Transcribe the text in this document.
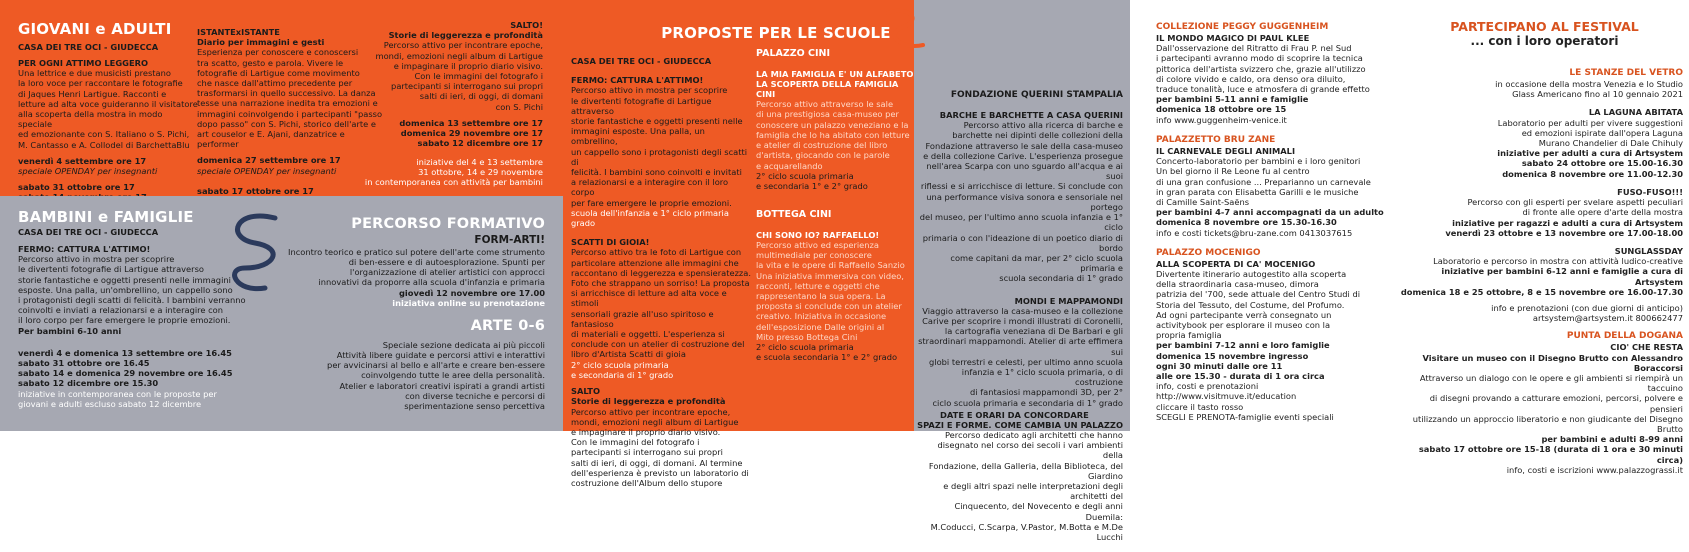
GIOVANI e ADULTI
CASA DEI TRE OCI - GIUDECCA
PER OGNI ATTIMO LEGGERO
Una lettrice e due musicisti prestano
la loro voce per raccontare le fotografie
di Jaques Henri Lartigue. Racconti e
letture ad alta voce guideranno il visitatore
alla scoperta della mostra in modo speciale
ed emozionante con S. Italiano o S. Pichi,
M. Cantasso e A. Collodel di BarchettaBlu
venerdì 4 settembre ore 17
speciale OPENDAY per insegnanti
sabato 31 ottobre ore 17

ISTANTExISTANTE
Diario per immagini e gesti
Esperienza per conoscere e conoscersi
tra scatto, gesto e parola. Vivere le
fotografie di Lartigue come movimento
che nasce dall'attimo precedente per
trasformarsi in quello successivo. La danza
tesse una narrazione inedita tra emozioni e
immagini coinvolgendo i partecipanti "passo
dopo passo" con S. Pichi, storico dell'arte e
art couselor e E. Ajani, danzatrice e
performer
domenica 27 settembre ore 17
speciale OPENDAY per insegnanti
sabato 17 ottobre ore 17
SALTO!
Storie di leggerezza e profondità
Percorso attivo per incontrare epoche,
mondi, emozioni negli album di Lartigue
e impaginare il proprio diario visivo.
Con le immagini del fotografo i
partecipanti si interrogano sui propri
salti di ieri, di oggi, di domani
con S. Pichi
domenica 13 settembre ore 17
domenica 29 novembre ore 17
sabato 12 dicembre ore 17
iniziative del 4 e 13 settembre
31 ottobre, 14 e 29 novembre
in contemporanea con attività per bambini
BAMBINI e FAMIGLIE
CASA DEI TRE OCI - GIUDECCA
FERMO: CATTURA L'ATTIMO!
Percorso attivo in mostra per scoprire
le divertenti fotografie di Lartigue attraverso
storie fantastiche e oggetti presenti nelle immagini
esposte. Una palla, un'ombrellino, un cappello sono
i protagonisti degli scatti di felicità. I bambini verranno
coinvolti e inviati a relazionarsi e a interagire con
il loro corpo per fare emergere le proprie emozioni.
Per bambini 6-10 anni
venerdì 4 e domenica 13 settembre ore 16.45
sabato 31 ottobre ore 16.45
sabato 14 e domenica 29 novembre ore 16.45
sabato 12 dicembre ore 15.30
iniziative in contemporanea con le proposte per
giovani e adulti escluso sabato 12 dicembre
PERCORSO FORMATIVO
FORM-ARTI!
Incontro teorico e pratico sul potere dell'arte come strumento
di ben-essere e di autoesplorazione. Spunti per
l'organizzazione di atelier artistici con approcci
innovativi da proporre alla scuola d'infanzia e primaria
giovedì 12 novembre ore 17.00
iniziativa online su prenotazione
ARTE 0-6
Speciale sezione dedicata ai più piccoli
Attività libere guidate e percorsi attivi e interattivi
per avvicinarsi al bello e all'arte e creare ben-essere
coinvolgendo tutte le aree della personalità.
Atelier e laboratori creativi ispirati a grandi artisti
con diverse tecniche e percorsi di
sperimentazione senso percettiva
PROPOSTE PER LE SCUOLE
CASA DEI TRE OCI - GIUDECCA
FERMO: CATTURA L'ATTIMO!
Percorso attivo in mostra per scoprire
le divertenti fotografie di Lartigue attraverso
storie fantastiche e oggetti presenti nelle
immagini esposte. Una palla, un ombrellino,
un cappello sono i protagonisti degli scatti di
felicità. I bambini sono coinvolti e invitati
a relazionarsi e a interagire con il loro corpo
per fare emergere le proprie emozioni.
scuola dell'infanzia e 1° ciclo primaria grado
SCATTI DI GIOIA!
Percorso attivo tra le foto di Lartigue con
particolare attenzione alle immagini che
raccontano di leggerezza e spensieratezza.
Foto che strappano un sorriso! La proposta
si arricchisce di letture ad alta voce e stimoli
sensoriali grazie all'uso spiritoso e fantasioso
di materiali e oggetti. L'esperienza si
conclude con un atelier di costruzione del
libro d'Artista Scatti di gioia
2° ciclo scuola primaria
e secondaria di 1° grado
SALTO
Storie di leggerezza e profondità
Percorso attivo per incontrare epoche,
mondi, emozioni negli album di Lartigue
e impaginare il proprio diario visivo.
Con le immagini del fotografo i
partecipanti si interrogano sui propri
salti di ieri, di oggi, di domani. Al termine
dell'esperienza è previsto un laboratorio di
costruzione dell'Album dello stupore
scuola secondaria di 2° grado
PALAZZO CINI
LA MIA FAMIGLIA E' UN ALFABETO
LA SCOPERTA DELLA FAMIGLIA CINI
Percorso attivo attraverso le sale
di una prestigiosa casa-museo per
conoscere un palazzo veneziano e la
famiglia che lo ha abitato con letture
e atelier di costruzione del libro
d'artista, giocando con le parole
e acquarellando
2° ciclo scuola primaria
e secondaria 1° e 2° grado
BOTTEGA CINI
CHI SONO IO? RAFFAELLO!
Percorso attivo ed esperienza
multimediale per conoscere
la vita e le opere di Raffaello Sanzio
Una iniziativa immersiva con video,
racconti, letture e oggetti che
rappresentano la sua opera. La
proposta si conclude con un atelier
creativo. Iniziativa in occasione
dell'esposizione Dalle origini al
Mito presso Bottega Cini
2° ciclo scuola primaria
e scuola secondaria 1° e 2° grado
FONDAZIONE QUERINI STAMPALIA
BARCHE E BARCHETTE A CASA QUERINI
Percorso attivo alla ricerca di barche e
barchette nei dipinti delle collezioni della
Fondazione attraverso le sale della casa-museo
e della collezione Carive. L'esperienza prosegue
nell'area Scarpa con uno sguardo all'acqua e ai suoi
riflessi e si arricchisce di letture. Si conclude con
una performance visiva sonora e sensoriale nel portego
del museo, per l'ultimo anno scuola infanzia e 1° ciclo
primaria o con l'ideazione di un poetico diario di bordo
come capitani da mar, per 2° ciclo scuola primaria e
scuola secondaria di 1° grado
MONDI E MAPPAMONDI
Viaggio attraverso la casa-museo e la collezione
Carive per scoprire i mondi illustrati di Coronelli,
la cartografia veneziana di De Barbari e gli
straordinari mappamondi. Atelier di arte effimera sui
globi terrestri e celesti, per ultimo anno scuola
infanzia e 1° ciclo scuola primaria, o di costruzione
di fantasiosi mappamondi 3D, per 2°
ciclo scuola primaria e secondaria di 1° grado
SPAZI E FORME. COME CAMBIA UN PALAZZO
Percorso dedicato agli architetti che hanno
disegnato nel corso dei secoli i vari ambienti della
Fondazione, della Galleria, della Biblioteca, del Giardino
e degli altri spazi nelle interpretazioni degli architetti del
Cinquecento, del Novecento e degli anni Duemila:
M.Coducci, C.Scarpa, V.Pastor, M.Botta e M.De Lucchi
scuola secondaria di 1° e 2° grado
DATE E ORARI DA CONCORDARE
COLLEZIONE PEGGY GUGGENHEIM
IL MONDO MAGICO DI PAUL KLEE
Dall'osservazione del Ritratto di Frau P. nel Sud
i partecipanti avranno modo di scoprire la tecnica
pittorica dell'artista svizzero che, grazie all'utilizzo
di colore vivido e caldo, ora denso ora diluito,
traduce tonalità, luce e atmosfera di grande effetto
per bambini 5-11 anni e famiglie
domenica 18 ottobre ore 15
info www.guggenheim-venice.it
PALAZZETTO BRU ZANE
IL CARNEVALE DEGLI ANIMALI
Concerto-laboratorio per bambini e i loro genitori
Un bel giorno il Re Leone fu al centro
di una gran confusione ... Preparianno un carnevale
in gran parata con Elisabetta Garilli e le musiche
di Camille Saint-Saëns
per bambini 4-7 anni accompagnati da un adulto
domenica 8 novembre ore 15.30-16.30
info e costi tickets@bru-zane.com 0413037615
PALAZZO MOCENIGO
ALLA SCOPERTA DI CA' MOCENIGO
Divertente itinerario autogestito alla scoperta
della straordinaria casa-museo, dimora
patrizia del '700, sede attuale del Centro Studi di
Storia del Tessuto, del Costume, del Profumo.
Ad ogni partecipante verrà consegnato un
activitybook per esplorare il museo con la
propria famiglia
per bambini 7-12 anni e loro famiglie
domenica 15 novembre ingresso
ogni 30 minuti dalle ore 11
alle ore 15.30 - durata di 1 ora circa
info, costi e prenotazioni
http://www.visitmuve.it/education
cliccare il tasto rosso
SCEGLI E PRENOTA-famiglie eventi speciali
PARTECIPANO AL FESTIVAL
... con i loro operatori
LE STANZE DEL VETRO
in occasione della mostra Venezia e lo Studio
Glass Americano fino al 10 gennaio 2021
LA LAGUNA ABITATA
Laboratorio per adulti per vivere suggestioni
ed emozioni ispirate dall'opera Laguna
Murano Chandelier di Dale Chihuly
iniziative per adulti a cura di Artsystem
sabato 24 ottobre ore 15.00-16.30
domenica 8 novembre ore 11.00-12.30
FUSO-FUSO!!!
Percorso con gli esperti per svelare aspetti peculiari
di fronte alle opere d'arte della mostra
iniziative per ragazzi e adulti a cura di Artsystem
venerdì 23 ottobre e 13 novembre ore 17.00-18.00
SUNGLASSDAY
Laboratorio e percorso in mostra con attività ludico-creative
iniziative per bambini 6-12 anni e famiglie a cura di Artsystem
domenica 18 e 25 ottobre, 8 e 15 novembre ore 16.00-17.30
info e prenotazioni (con due giorni di anticipo)
artsystem@artsystem.it 800662477
PUNTA DELLA DOGANA
CIO' CHE RESTA
Visitare un museo con il Disegno Brutto con Alessandro Boraccorsi
Attraverso un dialogo con le opere e gli ambienti si riempirà un taccuino
di disegni provando a catturare emozioni, percorsi, polvere e pensieri
utilizzando un approccio liberatorio e non giudicante del Disegno Brutto
per bambini e adulti 8-99 anni
sabato 17 ottobre ore 15-18 (durata di 1 ora e 30 minuti circa)
info, costi e iscrizioni www.palazzograssi.it
